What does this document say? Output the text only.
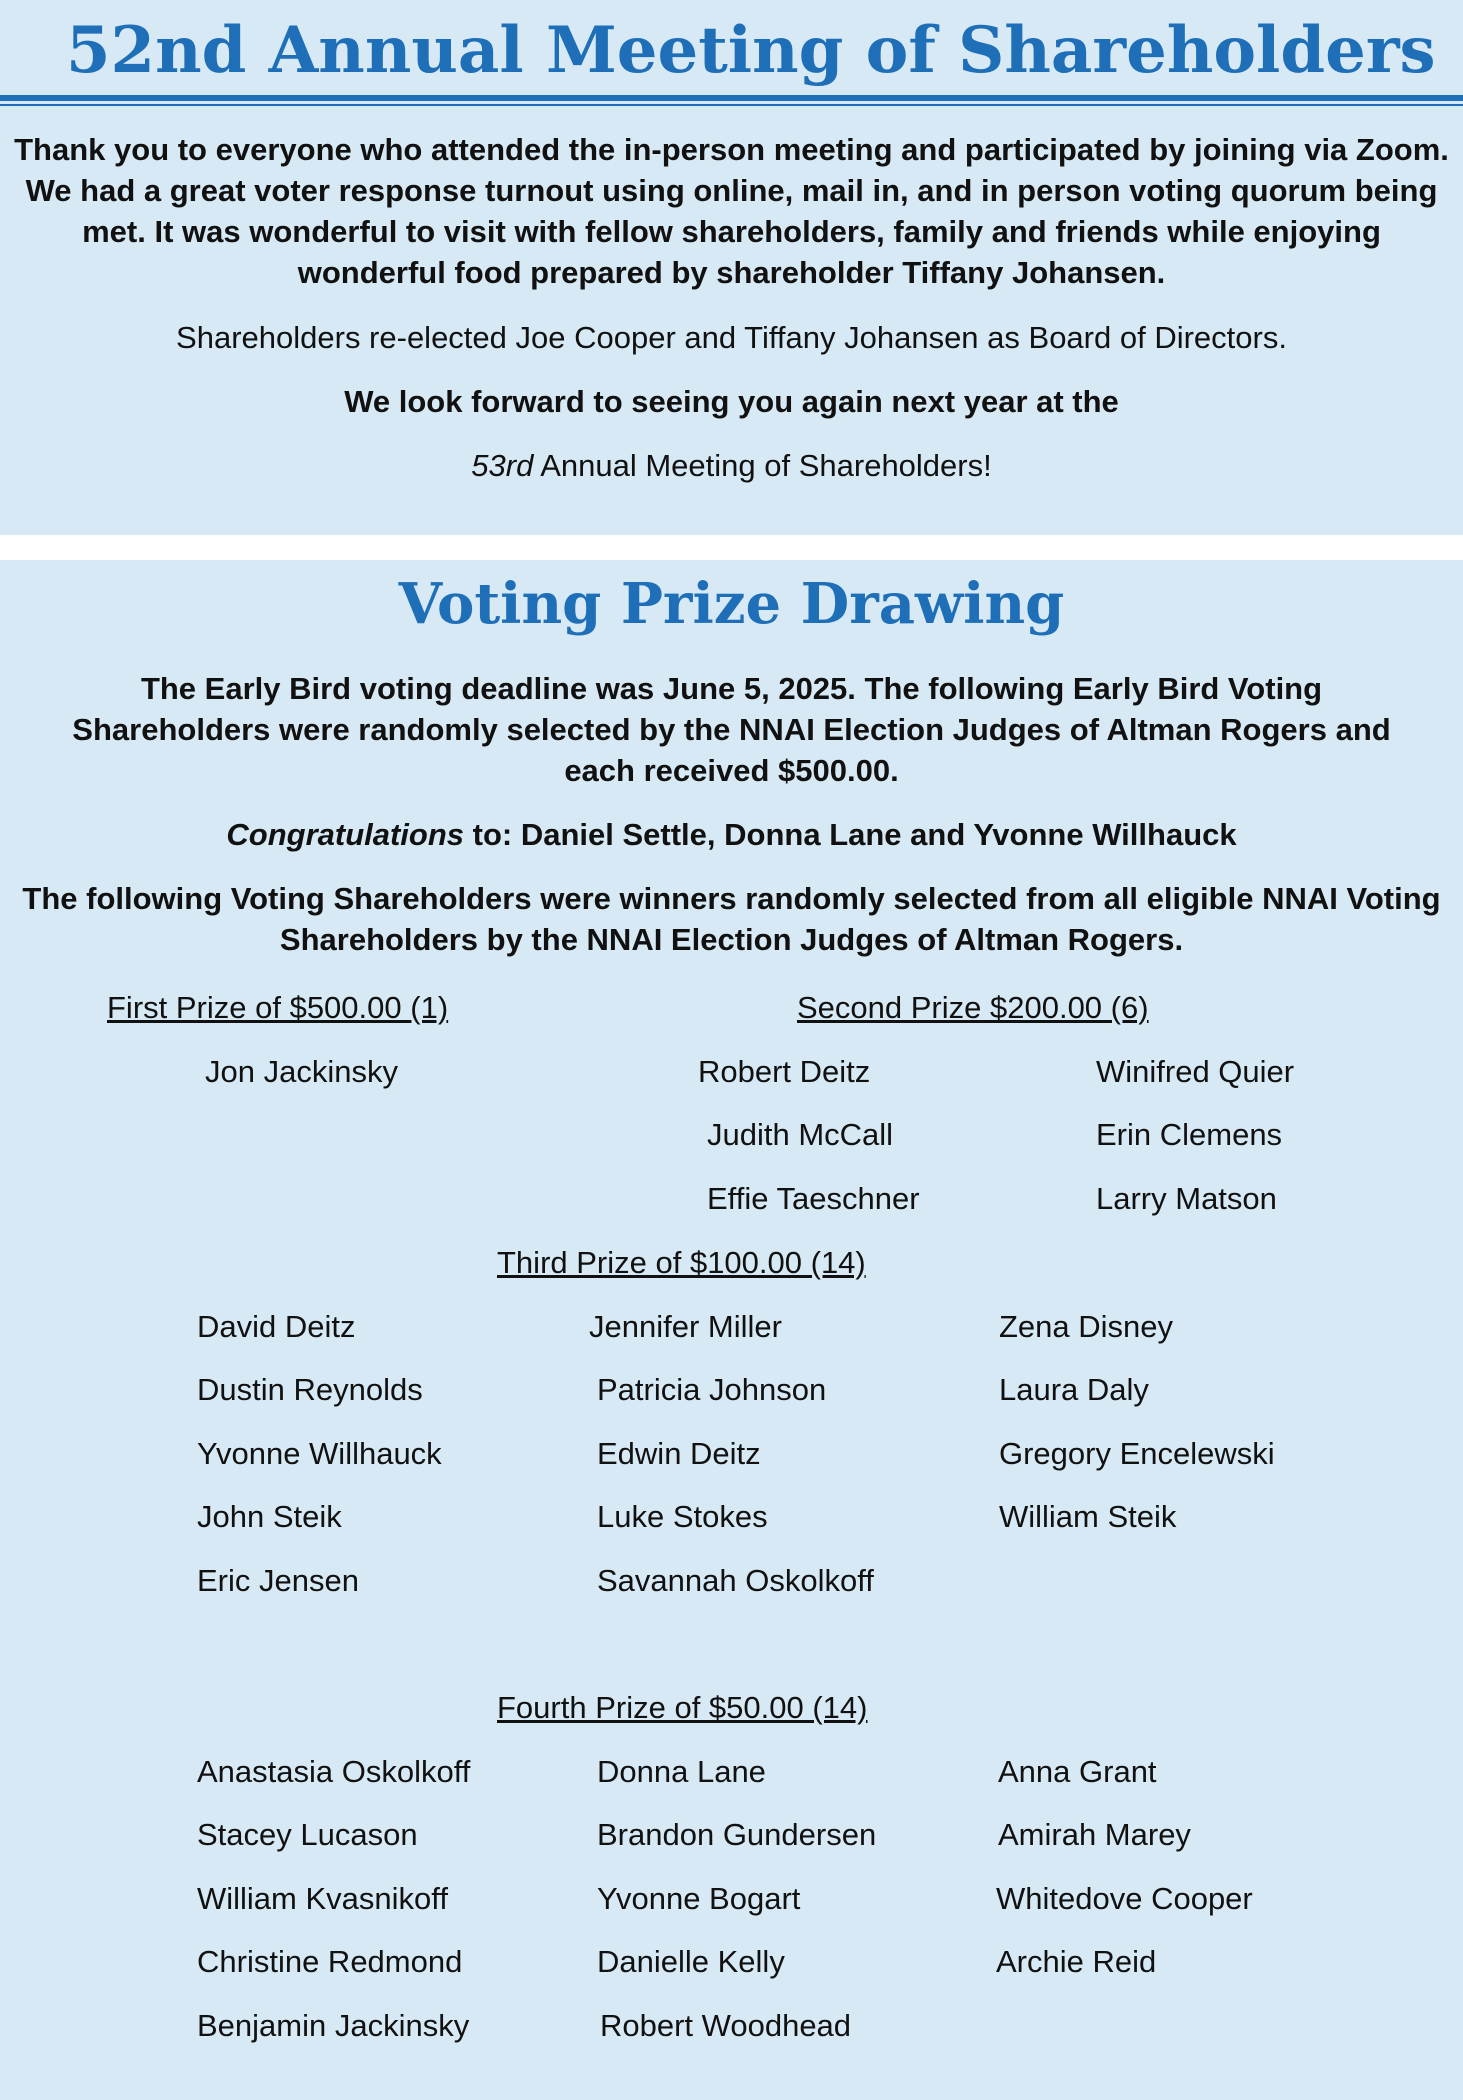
52nd Annual Meeting of Shareholders
Thank you to everyone who attended the in-person meeting and participated by joining via Zoom. We had a great voter response turnout using online, mail in, and in person voting quorum being met. It was wonderful to visit with fellow shareholders, family and friends while enjoying wonderful food prepared by shareholder Tiffany Johansen.
Shareholders re-elected Joe Cooper and Tiffany Johansen as Board of Directors.
We look forward to seeing you again next year at the
53rd Annual Meeting of Shareholders!
Voting Prize Drawing
The Early Bird voting deadline was June 5, 2025. The following Early Bird Voting Shareholders were randomly selected by the NNAI Election Judges of Altman Rogers and each received $500.00.
Congratulations to: Daniel Settle, Donna Lane and Yvonne Willhauck
The following Voting Shareholders were winners randomly selected from all eligible NNAI Voting Shareholders by the NNAI Election Judges of Altman Rogers.
First Prize of $500.00 (1)	Second Prize $200.00 (6)
Third Prize of $100.00 (14)
Fourth Prize of $50.00 (14)
Jon Jackinsky	Robert Deitz
Judith McCall
Effie Taeschner
Winifred Quier
Erin Clemens
Larry Matson
David Deitz
Dustin Reynolds
Yvonne Willhauck
John Steik
Eric Jensen
Jennifer Miller
Patricia Johnson
Edwin Deitz
Luke Stokes
Savannah Oskolkoff
Zena Disney
Laura Daly
Gregory Encelewski
William Steik
Anastasia Oskolkoff
Stacey Lucason
William Kvasnikoff
Christine Redmond
Benjamin Jackinsky
Donna Lane
Brandon Gundersen
Yvonne Bogart
Danielle Kelly
Robert Woodhead
Anna Grant
Amirah Marey
Whitedove Cooper
Archie Reid
